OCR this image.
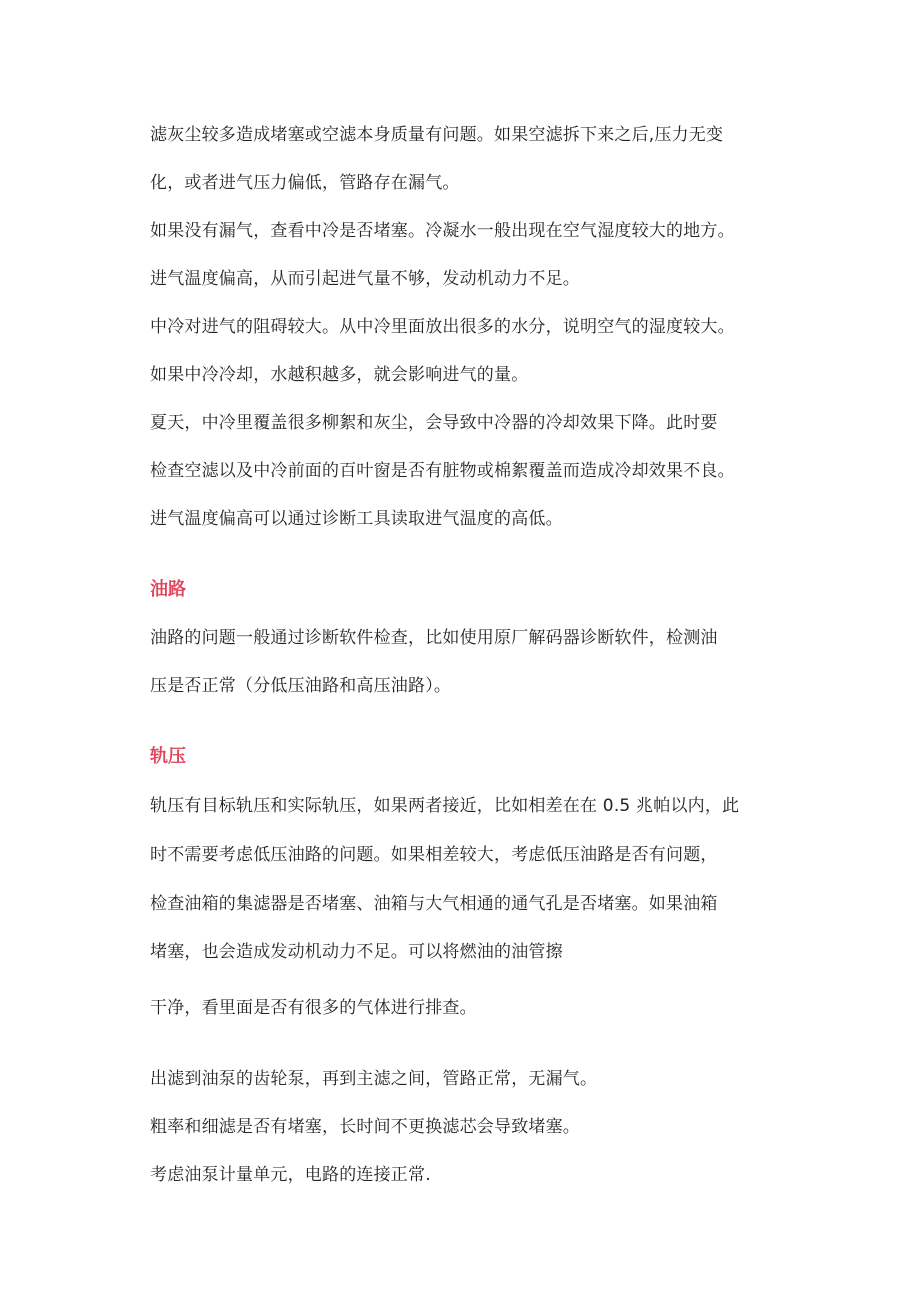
滤灰尘较多造成堵塞或空滤本身质量有问题。如果空滤拆下来之后,压力无变
化，或者进气压力偏低，管路存在漏气。
如果没有漏气，查看中冷是否堵塞。冷凝水一般出现在空气湿度较大的地方。
进气温度偏高，从而引起进气量不够，发动机动力不足。
中冷对进气的阻碍较大。从中冷里面放出很多的水分，说明空气的湿度较大。
如果中冷冷却，水越积越多，就会影响进气的量。
夏天，中冷里覆盖很多柳絮和灰尘，会导致中冷器的冷却效果下降。此时要
检查空滤以及中冷前面的百叶窗是否有脏物或棉絮覆盖而造成冷却效果不良。
进气温度偏高可以通过诊断工具读取进气温度的高低。
油路
油路的问题一般通过诊断软件检查，比如使用原厂解码器诊断软件，检测油
压是否正常（分低压油路和高压油路）。
轨压
轨压有目标轨压和实际轨压，如果两者接近，比如相差在在 0.5 兆帕以内，此
时不需要考虑低压油路的问题。如果相差较大，考虑低压油路是否有问题，
检查油箱的集滤器是否堵塞、油箱与大气相通的通气孔是否堵塞。如果油箱
堵塞，也会造成发动机动力不足。可以将燃油的油管擦
干净，看里面是否有很多的气体进行排查。
出滤到油泵的齿轮泵，再到主滤之间，管路正常，无漏气。
粗率和细滤是否有堵塞，长时间不更换滤芯会导致堵塞。
考虑油泵计量单元，电路的连接正常.
